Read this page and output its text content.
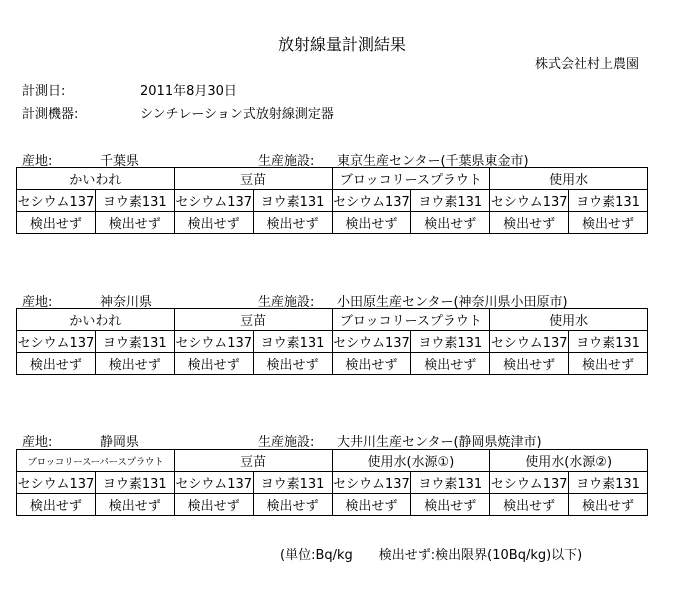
放射線量計測結果
株式会社村上農園
計測日:	2011年8月30日
計測機器:	シンチレーション式放射線測定器
産地:	千葉県	生産施設: 東京生産センター(千葉県東金市)
かいわれ		豆苗		ブロッコリースプラウト		使用水	
セシウム137	ヨウ素131	セシウム137	ヨウ素131	セシウム137	ヨウ素131	セシウム137	ヨウ素131
検出せず	検出せず	検出せず	検出せず	検出せず	検出せず	検出せず	検出せず
産地:	神奈川県	生産施設: 小田原生産センター(神奈川県小田原市)
かいわれ		豆苗		ブロッコリースプラウト		使用水	
セシウム137	ヨウ素131	セシウム137	ヨウ素131	セシウム137	ヨウ素131	セシウム137	ヨウ素131
検出せず	検出せず	検出せず	検出せず	検出せず	検出せず	検出せず	検出せず
産地:	静岡県	生産施設: 大井川生産センター(静岡県焼津市)
ブロッコリースーパースプラウト		豆苗		使用水(水源①)		使用水(水源②)	
セシウム137	ヨウ素131	セシウム137	ヨウ素131	セシウム137	ヨウ素131	セシウム137	ヨウ素131
検出せず	検出せず	検出せず	検出せず	検出せず	検出せず	検出せず	検出せず
(単位:Bq/kg　　検出せず:検出限界(10Bq/kg)以下)
